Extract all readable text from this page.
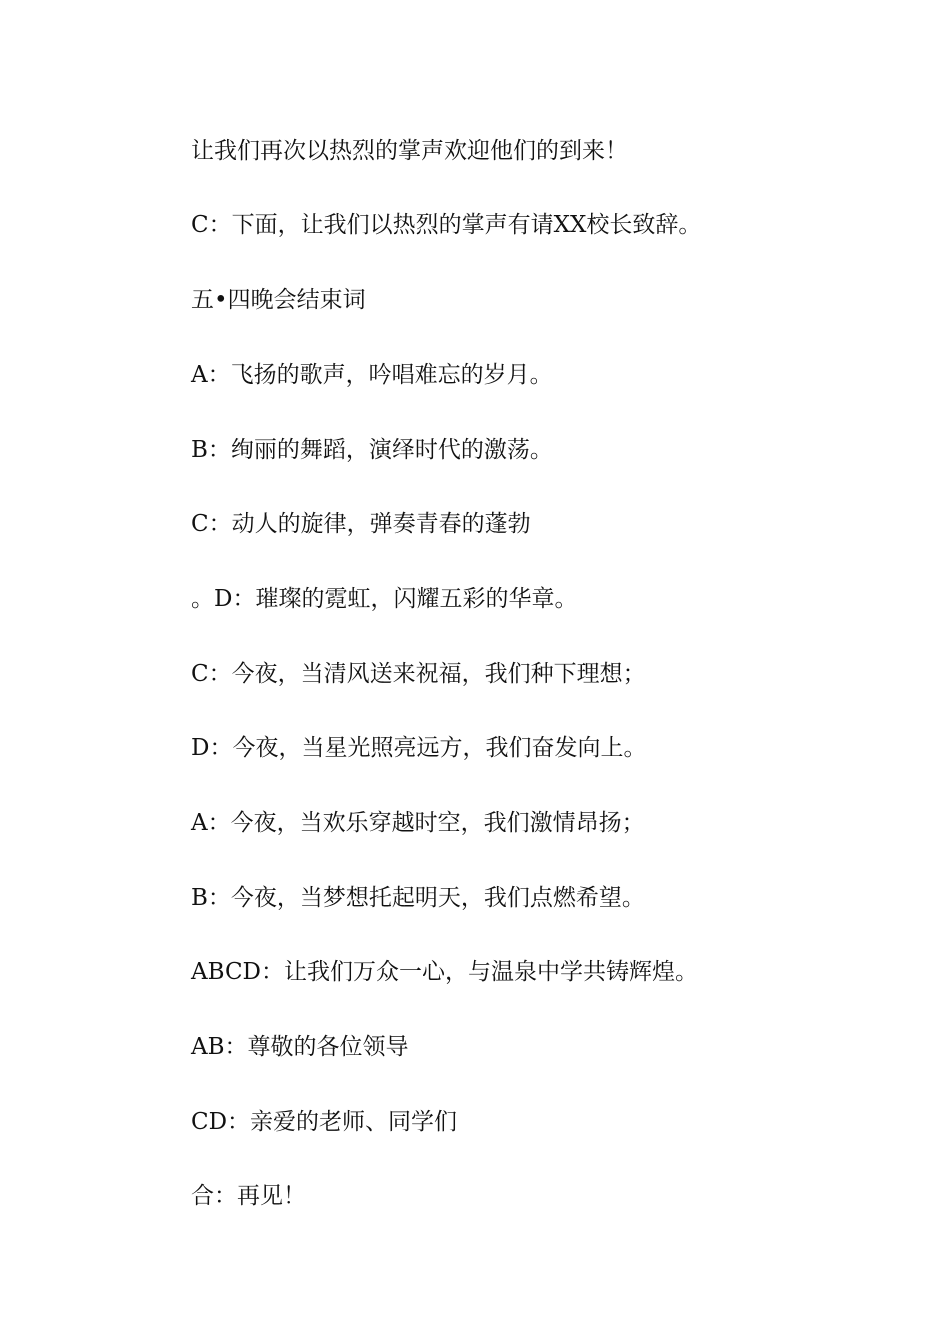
让我们再次以热烈的掌声欢迎他们的到来！

C：下面，让我们以热烈的掌声有请XX校长致辞。

五•四晚会结束词

A：飞扬的歌声，吟唱难忘的岁月。

B：绚丽的舞蹈，演绎时代的激荡。

C：动人的旋律，弹奏青春的蓬勃

。D：璀璨的霓虹，闪耀五彩的华章。

C：今夜，当清风送来祝福，我们种下理想；

D：今夜，当星光照亮远方，我们奋发向上。

A：今夜，当欢乐穿越时空，我们激情昂扬；

B：今夜，当梦想托起明天，我们点燃希望。

ABCD：让我们万众一心，与温泉中学共铸辉煌。

AB：尊敬的各位领导

CD：亲爱的老师、同学们

合：再见！
